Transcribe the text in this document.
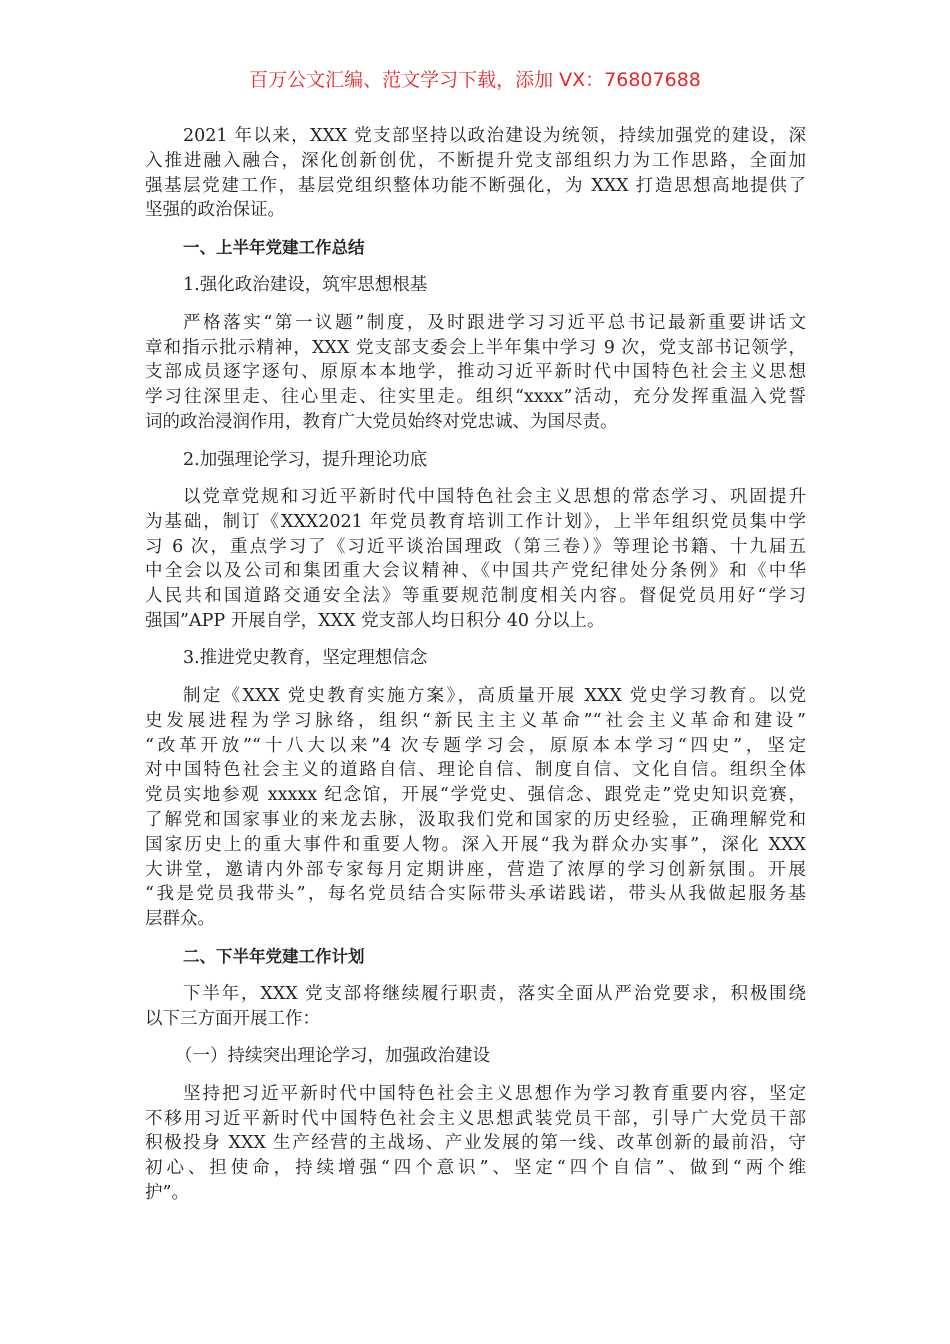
百万公文汇编、范文学习下载，添加 VX：76807688
2021 年以来，XXX 党支部坚持以政治建设为统领，持续加强党的建设，深
入推进融入融合，深化创新创优，不断提升党支部组织力为工作思路，全面加
强基层党建工作，基层党组织整体功能不断强化，为 XXX 打造思想高地提供了
坚强的政治保证。
一、上半年党建工作总结
1.强化政治建设，筑牢思想根基
严格落实“第一议题”制度，及时跟进学习习近平总书记最新重要讲话文
章和指示批示精神，XXX 党支部支委会上半年集中学习 9 次，党支部书记领学，
支部成员逐字逐句、原原本本地学，推动习近平新时代中国特色社会主义思想
学习往深里走、往心里走、往实里走。组织“xxxx”活动，充分发挥重温入党誓
词的政治浸润作用，教育广大党员始终对党忠诚、为国尽责。
2.加强理论学习，提升理论功底
以党章党规和习近平新时代中国特色社会主义思想的常态学习、巩固提升
为基础，制订《XXX2021 年党员教育培训工作计划》，上半年组织党员集中学
习 6 次，重点学习了《习近平谈治国理政（第三卷）》等理论书籍、十九届五
中全会以及公司和集团重大会议精神、《中国共产党纪律处分条例》和《中华
人民共和国道路交通安全法》等重要规范制度相关内容。督促党员用好“学习
强国”APP 开展自学，XXX 党支部人均日积分 40 分以上。
3.推进党史教育，坚定理想信念
制定《XXX 党史教育实施方案》，高质量开展 XXX 党史学习教育。以党
史发展进程为学习脉络，组织“新民主主义革命”“社会主义革命和建设”
“改革开放”“十八大以来”4 次专题学习会，原原本本学习“四史”，坚定
对中国特色社会主义的道路自信、理论自信、制度自信、文化自信。组织全体
党员实地参观 xxxxx 纪念馆，开展“学党史、强信念、跟党走”党史知识竞赛，
了解党和国家事业的来龙去脉，汲取我们党和国家的历史经验，正确理解党和
国家历史上的重大事件和重要人物。深入开展“我为群众办实事”，深化 XXX
大讲堂，邀请内外部专家每月定期讲座，营造了浓厚的学习创新氛围。开展
“我是党员我带头”，每名党员结合实际带头承诺践诺，带头从我做起服务基
层群众。
二、下半年党建工作计划
下半年，XXX 党支部将继续履行职责，落实全面从严治党要求，积极围绕
以下三方面开展工作：
（一）持续突出理论学习，加强政治建设
坚持把习近平新时代中国特色社会主义思想作为学习教育重要内容，坚定
不移用习近平新时代中国特色社会主义思想武装党员干部，引导广大党员干部
积极投身 XXX 生产经营的主战场、产业发展的第一线、改革创新的最前沿，守
初心、担使命，持续增强“四个意识”、坚定“四个自信”、做到“两个维
护”。
